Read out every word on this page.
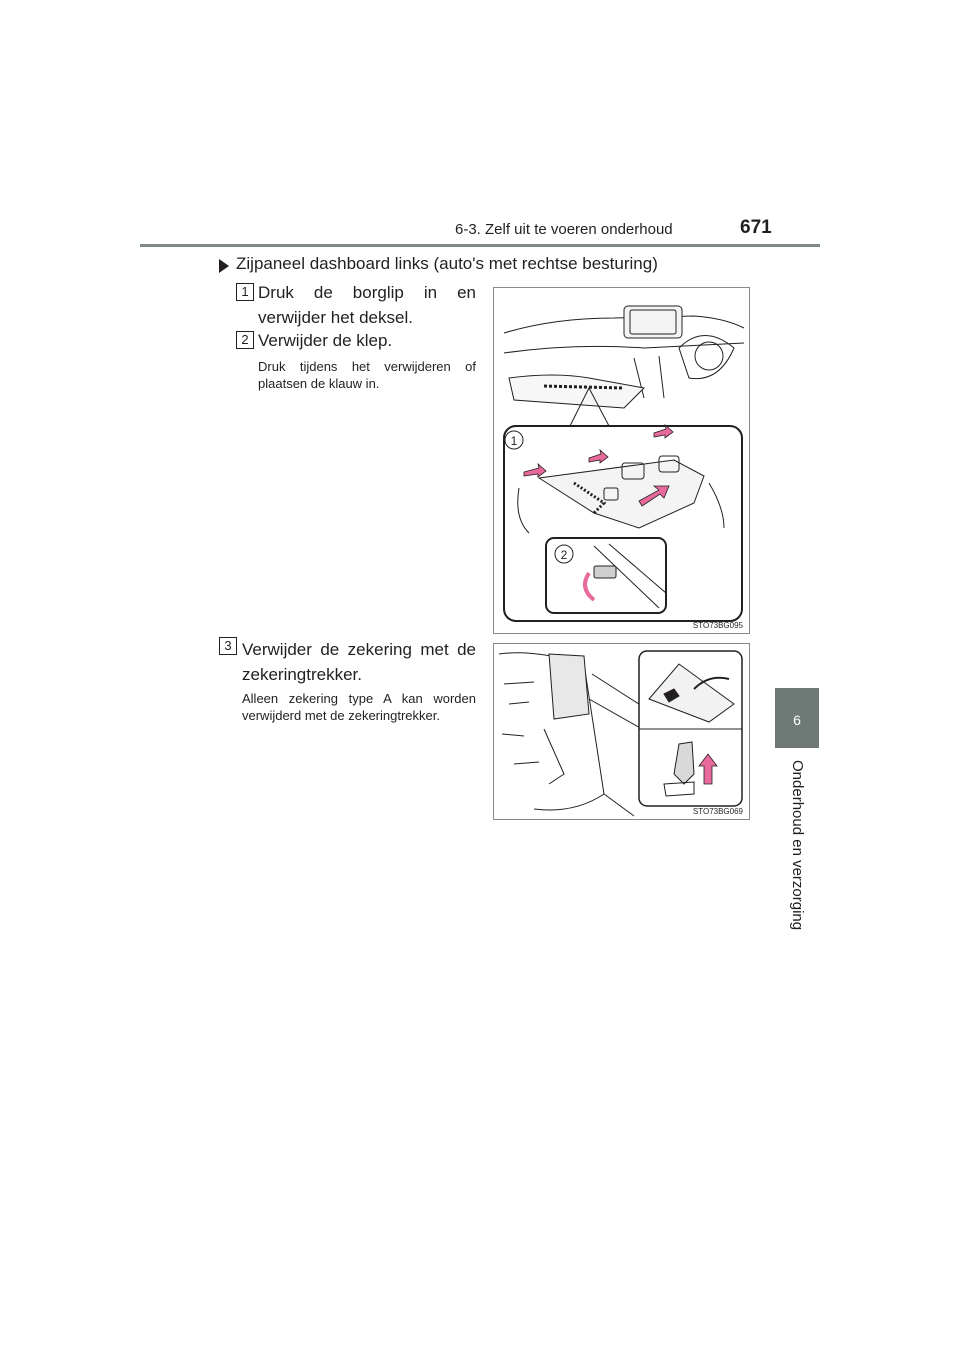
6-3. Zelf uit te voeren onderhoud	671
6
Onderhoud en verzorging
Zijpaneel dashboard links (auto's met rechtse besturing)
1 Druk de borglip in en verwijder het deksel.
2 Verwijder de klep.
Druk tijdens het verwijderen of plaatsen de klauw in.
3 Verwijder de zekering met de zekeringtrekker.
Alleen zekering type A kan worden verwijderd met de zekeringtrekker.
1
2
STO73BG095
STO73BG069
